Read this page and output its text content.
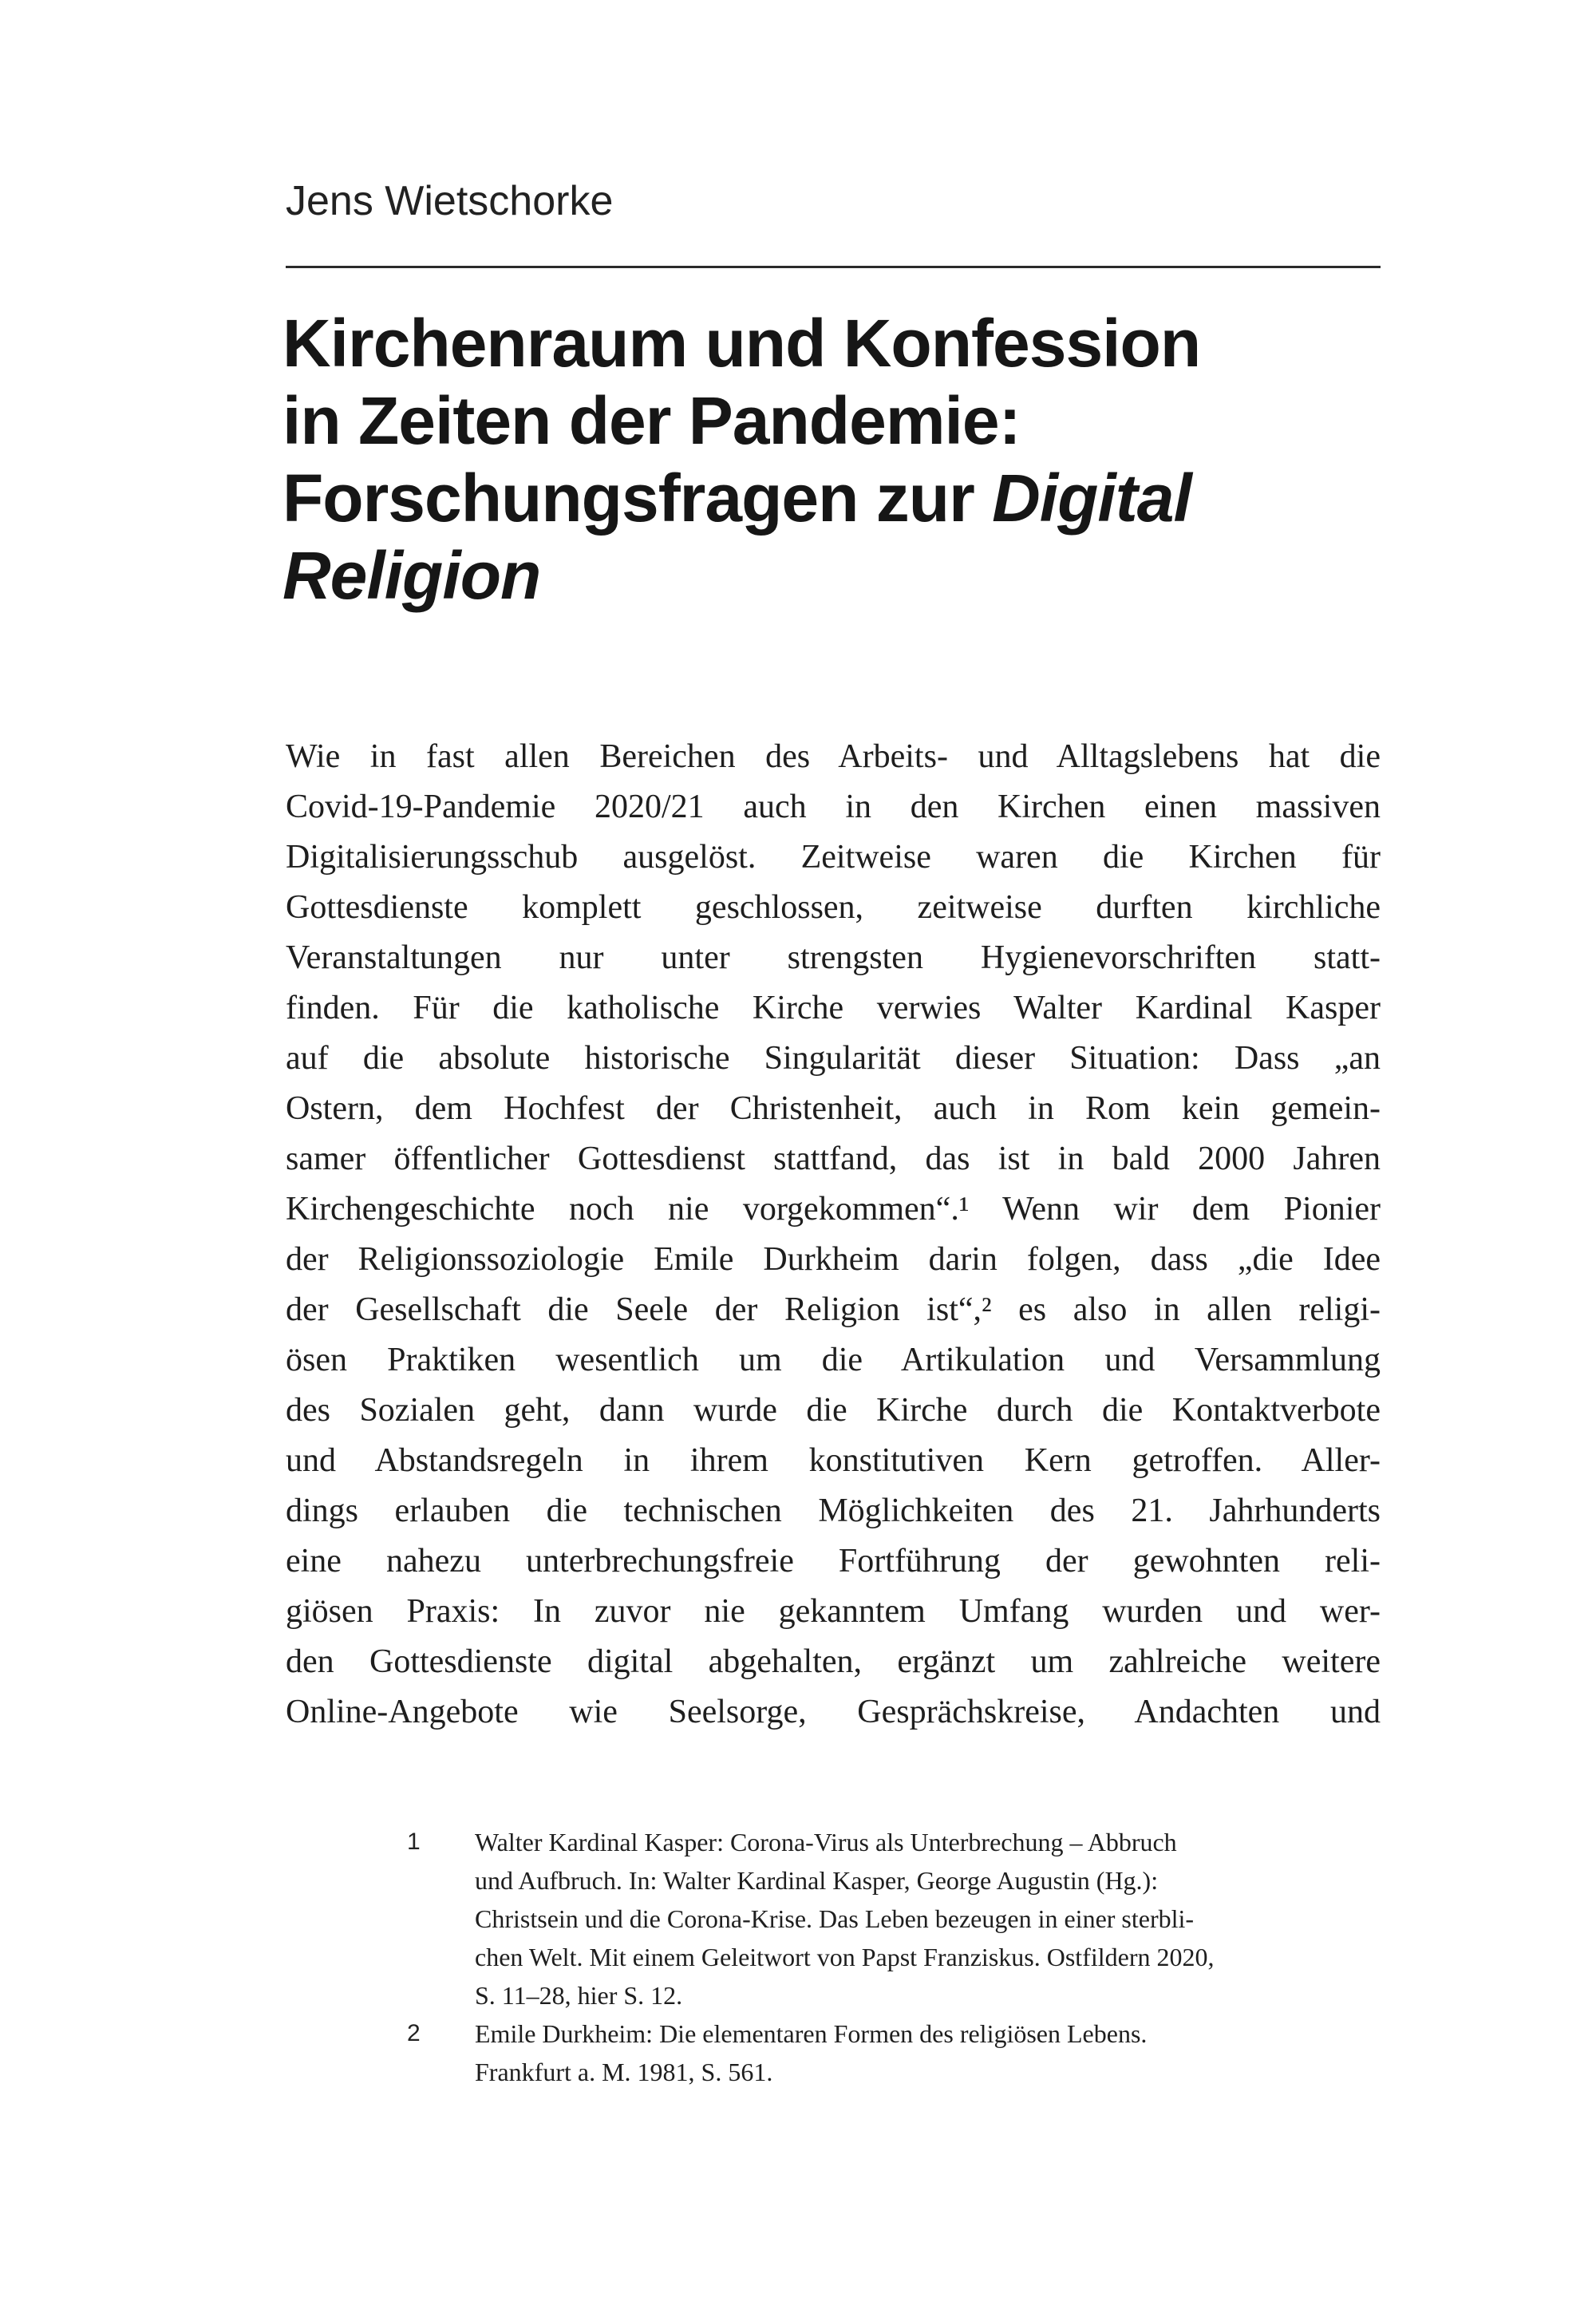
Jens Wietschorke
Kirchenraum und Konfession
in Zeiten der Pandemie:
Forschungsfragen zur Digital
Religion
Wie in fast allen Bereichen des Arbeits- und Alltagslebens hat die
Covid-19-Pandemie 2020/21 auch in den Kirchen einen massiven
Digitalisierungsschub ausgelöst. Zeitweise waren die Kirchen für
Gottesdienste komplett geschlossen, zeitweise durften kirchliche
Veranstaltungen nur unter strengsten Hygienevorschriften statt-
finden. Für die katholische Kirche verwies Walter Kardinal Kasper
auf die absolute historische Singularität dieser Situation: Dass „an
Ostern, dem Hochfest der Christenheit, auch in Rom kein gemein-
samer öffentlicher Gottesdienst stattfand, das ist in bald 2000 Jahren
Kirchengeschichte noch nie vorgekommen“.¹ Wenn wir dem Pionier
der Religionssoziologie Emile Durkheim darin folgen, dass „die Idee
der Gesellschaft die Seele der Religion ist“,² es also in allen religi-
ösen Praktiken wesentlich um die Artikulation und Versammlung
des Sozialen geht, dann wurde die Kirche durch die Kontaktverbote
und Abstandsregeln in ihrem konstitutiven Kern getroffen. Aller-
dings erlauben die technischen Möglichkeiten des 21. Jahrhunderts
eine nahezu unterbrechungsfreie Fortführung der gewohnten reli-
giösen Praxis: In zuvor nie gekanntem Umfang wurden und wer-
den Gottesdienste digital abgehalten, ergänzt um zahlreiche weitere
Online-Angebote wie Seelsorge, Gesprächskreise, Andachten und
1	Walter Kardinal Kasper: Corona-Virus als Unterbrechung – Abbruch
und Aufbruch. In: Walter Kardinal Kasper, George Augustin (Hg.):
Christsein und die Corona-Krise. Das Leben bezeugen in einer sterbli-
chen Welt. Mit einem Geleitwort von Papst Franziskus. Ostfildern 2020,
S. 11–28, hier S. 12.
2	Emile Durkheim: Die elementaren Formen des religiösen Lebens.
Frankfurt a. M. 1981, S. 561.
